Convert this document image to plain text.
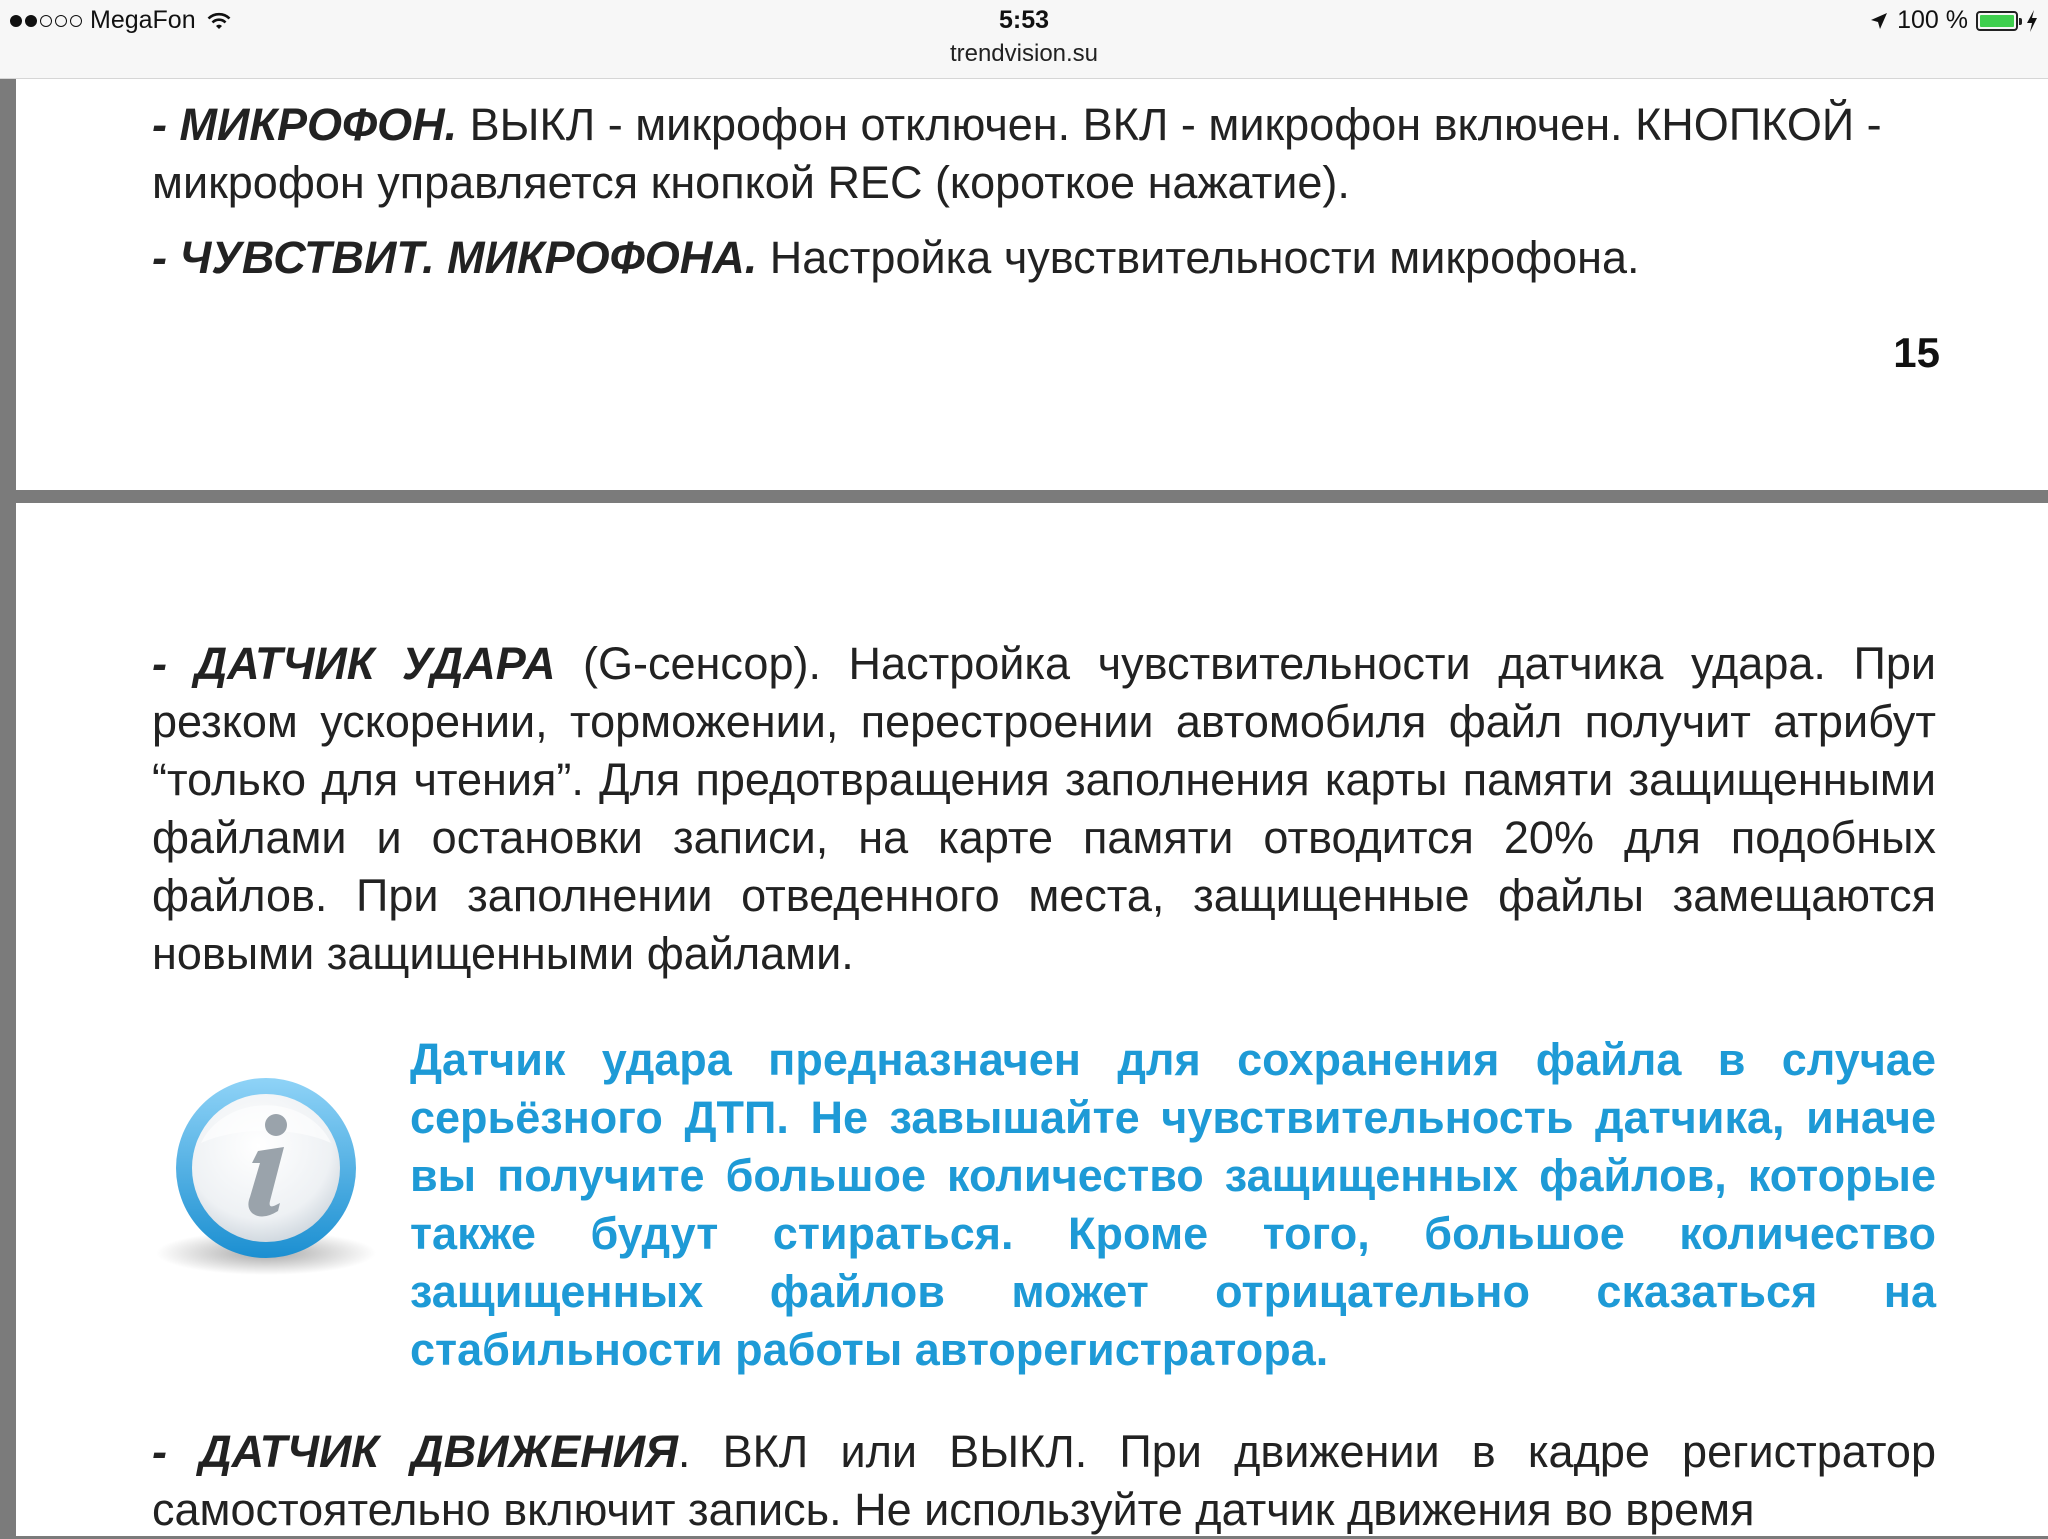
MegaFon	5:53
trendvision.su
100 %

- МИКРОФОН. ВЫКЛ - микрофон отключен. ВКЛ - микрофон включен. КНОПКОЙ - микрофон управляется кнопкой REC (короткое нажатие).

- ЧУВСТВИТ. МИКРОФОНА. Настройка чувствительности микрофона.

15

- ДАТЧИК УДАРА (G-сенсор). Настройка чувствительности датчика удара. При резком ускорении, торможении, перестроении автомобиля файл получит атрибут “только для чтения”. Для предотвращения заполнения карты памяти защищенными файлами и остановки записи, на карте памяти отводится 20% для подобных файлов. При заполнении отведенного места, защищенные файлы замещаются новыми защищенными файлами.

Датчик удара предназначен для сохранения файла в случае серьёзного ДТП. Не завышайте чувствительность датчика, иначе вы получите большое количество защищенных файлов, которые также будут стираться. Кроме того, большое количество защищенных файлов может отрицательно сказаться на стабильности работы авторегистратора.

- ДАТЧИК ДВИЖЕНИЯ. ВКЛ или ВЫКЛ. При движении в кадре регистратор самостоятельно включит запись. Не используйте датчик движения во время
